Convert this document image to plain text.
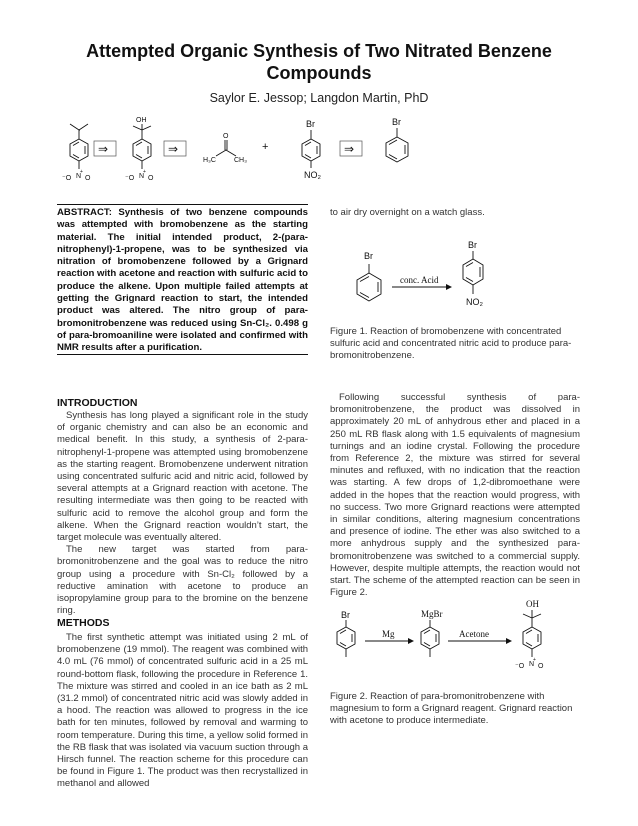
Attempted Organic Synthesis of Two Nitrated Benzene Compounds
Saylor E. Jessop; Langdon Martin, PhD
⁻O N
+
O
⇒
OH
⁻O N
+
O
⇒
O
H₃C	CH₃
+
Br
NO₂
⇒
Br
ABSTRACT: Synthesis of two benzene compounds was attempted with bromobenzene as the starting material. The initial intended product, 2-(para-nitrophenyl)-1-propene, was to be synthesized via nitration of bromobenzene followed by a Grignard reaction with acetone and reaction with sulfuric acid to produce the alkene. Upon multiple failed attempts at getting the Grignard reaction to start, the intended product was altered. The nitro group of para-bromonitrobenzene was reduced using Sn-Cl₂. 0.498 g of para-bromoaniline were isolated and confirmed with NMR results after a purification.
to air dry overnight on a watch glass.
Br
conc. Acid
Br
NO₂
Figure 1. Reaction of bromobenzene with concentrated sulfuric acid and concentrated nitric acid to produce para-bromonitrobenzene.
INTRODUCTION

Synthesis has long played a significant role in the study of organic chemistry and can also be an economic and medical benefit. In this study, a synthesis of 2-para-nitrophenyl-1-propene was attempted using bromobenzene as the starting reagent. Bromobenzene underwent nitration using concentrated sulfuric acid and nitric acid, followed by several attempts at a Grignard reaction with acetone. The resulting intermediate was then going to be reacted with sulfuric acid to remove the alcohol group and form the alkene. When the Grignard reaction wouldn’t start, the target molecule was eventually altered.

The new target was started from para-bromonitrobenzene and the goal was to reduce the nitro group using a procedure with Sn-Cl₂ followed by a reductive amination with acetone to produce an isopropylamine group para to the bromine on the benzene ring.

METHODS

The first synthetic attempt was initiated using 2 mL of bromobenzene (19 mmol). The reagent was combined with 4.0 mL (76 mmol) of concentrated sulfuric acid in a 25 mL round-bottom flask, following the procedure in Reference 1. The mixture was stirred and cooled in an ice bath as 2 mL (31.2 mmol) of concentrated nitric acid was slowly added in a hood. The reaction was allowed to progress in the ice bath for ten minutes, followed by removal and warming to room temperature. During this time, a yellow solid formed in the RB flask that was isolated via vacuum suction through a Hirsch funnel. The reaction scheme for this procedure can be found in Figure 1. The product was then recrystallized in methanol and allowed

Following successful synthesis of para-bromonitrobenzene, the product was dissolved in approximately 20 mL of anhydrous ether and placed in a 250 mL RB flask along with 1.5 equivalents of magnesium turnings and an iodine crystal. Following the procedure from Reference 2, the mixture was stirred for several minutes and refluxed, with no indication that the reaction was starting. A few drops of 1,2-dibromoethane were added in the hopes that the reaction would progress, with no success. Two more Grignard reactions were attempted in similar conditions, altering magnesium concentrations and presence of iodine. The ether was also switched to a more anhydrous supply and the synthesized para-bromonitrobenzene was switched to a commercial supply. However, despite multiple attempts, the reaction would not start. The scheme of the attempted reaction can be seen in Figure 2.

Br
Mg
MgBr
Acetone
OH
⁻O N
+
O
Figure 2. Reaction of para-bromonitrobenzene with magnesium to form a Grignard reagent. Grignard reaction with acetone to produce intermediate.
